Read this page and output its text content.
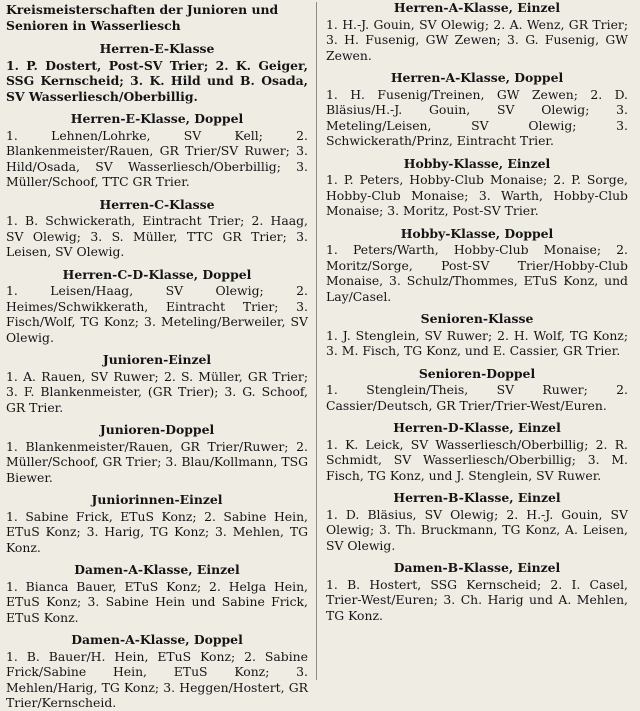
Kreismeisterschaften der Junioren und Senioren in Wasserliesch
Herren-E-Klasse

1. P. Dostert, Post-SV Trier; 2. K. Geiger, SSG Kernscheid; 3. K. Hild und B. Osada, SV Wasserliesch/Oberbillig.

Herren-E-Klasse, Doppel

1. Lehnen/Lohrke, SV Kell; 2. Blankenmeister/Rauen, GR Trier/SV Ruwer; 3. Hild/Osada, SV Wasserliesch/Oberbillig; 3. Müller/Schoof, TTC GR Trier.

Herren-C-Klasse

1. B. Schwickerath, Eintracht Trier; 2. Haag, SV Olewig; 3. S. Müller, TTC GR Trier; 3. Leisen, SV Olewig.

Herren-C-D-Klasse, Doppel

1. Leisen/Haag, SV Olewig; 2. Heimes/Schwikkerath, Eintracht Trier; 3. Fisch/Wolf, TG Konz; 3. Meteling/Berweiler, SV Olewig.

Junioren-Einzel

1. A. Rauen, SV Ruwer; 2. S. Müller, GR Trier; 3. F. Blankenmeister, (GR Trier); 3. G. Schoof, GR Trier.

Junioren-Doppel

1. Blankenmeister/Rauen, GR Trier/Ruwer; 2. Müller/Schoof, GR Trier; 3. Blau/Kollmann, TSG Biewer.

Juniorinnen-Einzel

1. Sabine Frick, ETuS Konz; 2. Sabine Hein, ETuS Konz; 3. Harig, TG Konz; 3. Mehlen, TG Konz.

Damen-A-Klasse, Einzel

1. Bianca Bauer, ETuS Konz; 2. Helga Hein, ETuS Konz; 3. Sabine Hein und Sabine Frick, ETuS Konz.

Damen-A-Klasse, Doppel

1. B. Bauer/H. Hein, ETuS Konz; 2. Sabine Frick/Sabine Hein, ETuS Konz; 3. Mehlen/Harig, TG Konz; 3. Heggen/Hostert, GR Trier/Kernscheid.

Herren-A-Klasse, Einzel

1. H.-J. Gouin, SV Olewig; 2. A. Wenz, GR Trier; 3. H. Fusenig, GW Zewen; 3. G. Fusenig, GW Zewen.

Herren-A-Klasse, Doppel

1. H. Fusenig/Treinen, GW Zewen; 2. D. Bläsius/H.-J. Gouin, SV Olewig; 3. Meteling/Leisen, SV Olewig; 3. Schwickerath/Prinz, Eintracht Trier.

Hobby-Klasse, Einzel

1. P. Peters, Hobby-Club Monaise; 2. P. Sorge, Hobby-Club Monaise; 3. Warth, Hobby-Club Monaise; 3. Moritz, Post-SV Trier.

Hobby-Klasse, Doppel

1. Peters/Warth, Hobby-Club Monaise; 2. Moritz/Sorge, Post-SV Trier/Hobby-Club Monaise, 3. Schulz/Thommes, ETuS Konz, und Lay/Casel.

Senioren-Klasse

1. J. Stenglein, SV Ruwer; 2. H. Wolf, TG Konz; 3. M. Fisch, TG Konz, und E. Cassier, GR Trier.

Senioren-Doppel

1. Stenglein/Theis, SV Ruwer; 2. Cassier/Deutsch, GR Trier/Trier-West/Euren.

Herren-D-Klasse, Einzel

1. K. Leick, SV Wasserliesch/Oberbillig; 2. R. Schmidt, SV Wasserliesch/Oberbillig; 3. M. Fisch, TG Konz, und J. Stenglein, SV Ruwer.

Herren-B-Klasse, Einzel

1. D. Bläsius, SV Olewig; 2. H.-J. Gouin, SV Olewig; 3. Th. Bruckmann, TG Konz, A. Leisen, SV Olewig.

Damen-B-Klasse, Einzel

1. B. Hostert, SSG Kernscheid; 2. I. Casel, Trier-West/Euren; 3. Ch. Harig und A. Mehlen, TG Konz.
